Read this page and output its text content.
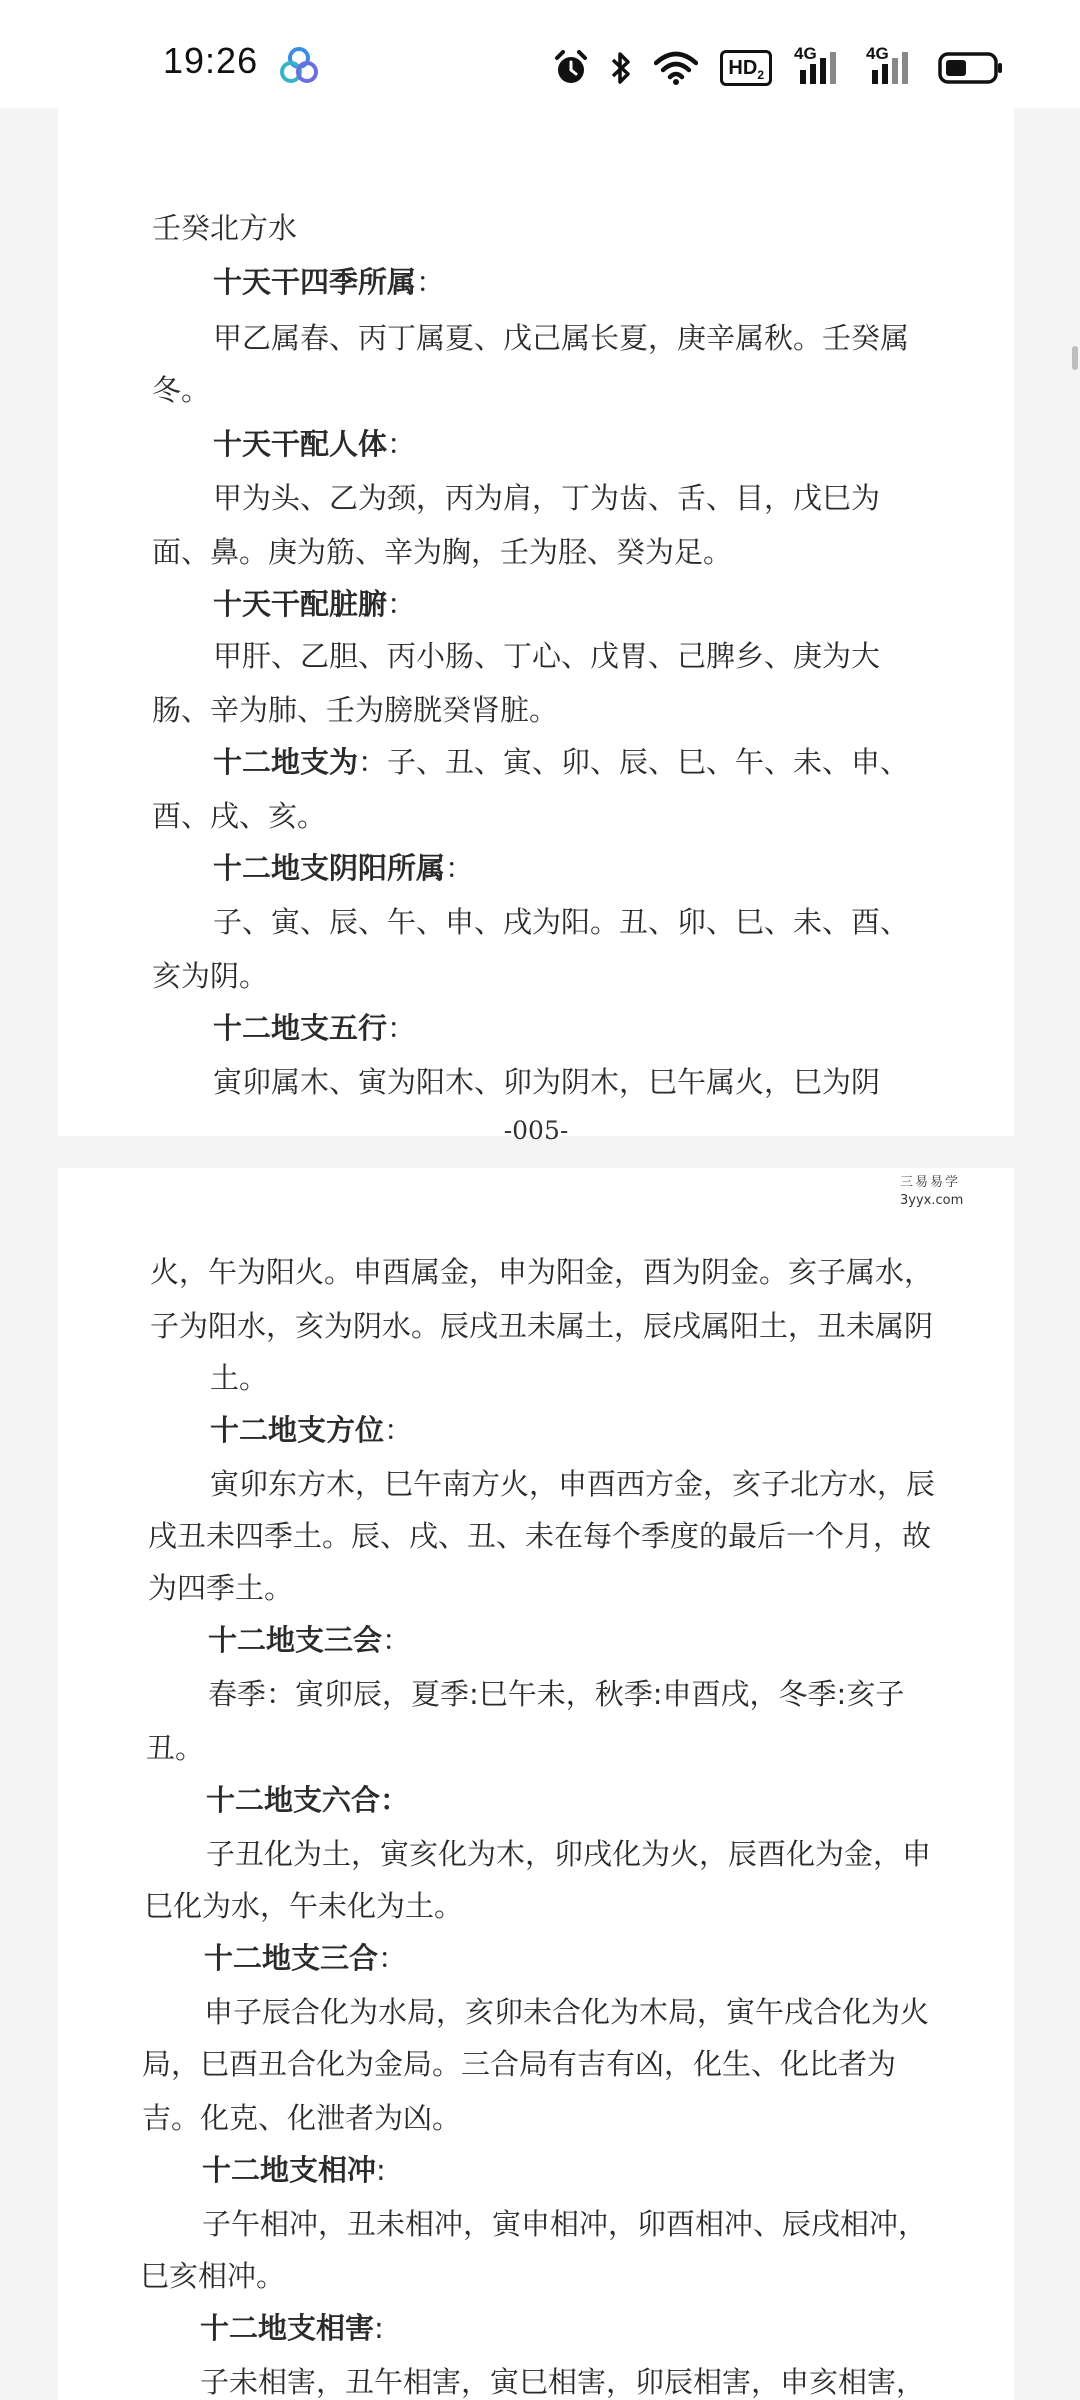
19:26	$HD_2$
4G	4G
壬癸北方水
十天干四季所属：
甲乙属春、丙丁属夏、戊己属长夏，庚辛属秋。壬癸属
冬。
十天干配人体：
甲为头、乙为颈，丙为肩，丁为齿、舌、目，戊巳为
面、鼻。庚为筋、辛为胸，壬为胫、癸为足。
十天干配脏腑：
甲肝、乙胆、丙小肠、丁心、戊胃、己脾乡、庚为大
肠、辛为肺、壬为膀胱癸肾脏。
十二地支为：子、丑、寅、卯、辰、巳、午、未、申、
酉、戌、亥。
十二地支阴阳所属：
子、寅、辰、午、申、戌为阳。丑、卯、巳、未、酉、
亥为阴。
十二地支五行：
寅卯属木、寅为阳木、卯为阴木，巳午属火，巳为阴
-005-
火，午为阳火。申酉属金，申为阳金，酉为阴金。亥子属水，
子为阳水，亥为阴水。辰戌丑未属土，辰戌属阳土，丑未属阴
土。
十二地支方位：
寅卯东方木，巳午南方火，申酉西方金，亥子北方水，辰
戌丑未四季土。辰、戌、丑、未在每个季度的最后一个月，故
为四季土。
十二地支三会：
春季：寅卯辰，夏季:巳午未，秋季:申酉戌，冬季:亥子
丑。
十二地支六合：
子丑化为土，寅亥化为木，卯戌化为火，辰酉化为金，申
巳化为水，午未化为土。
十二地支三合：
申子辰合化为水局，亥卯未合化为木局，寅午戌合化为火
局，巳酉丑合化为金局。三合局有吉有凶，化生、化比者为
吉。化克、化泄者为凶。
十二地支相冲:
子午相冲，丑未相冲，寅申相冲，卯酉相冲、辰戌相冲，
巳亥相冲。
十二地支相害:
子未相害，丑午相害，寅巳相害，卯辰相害，申亥相害，
三易易学
3yyx.com
